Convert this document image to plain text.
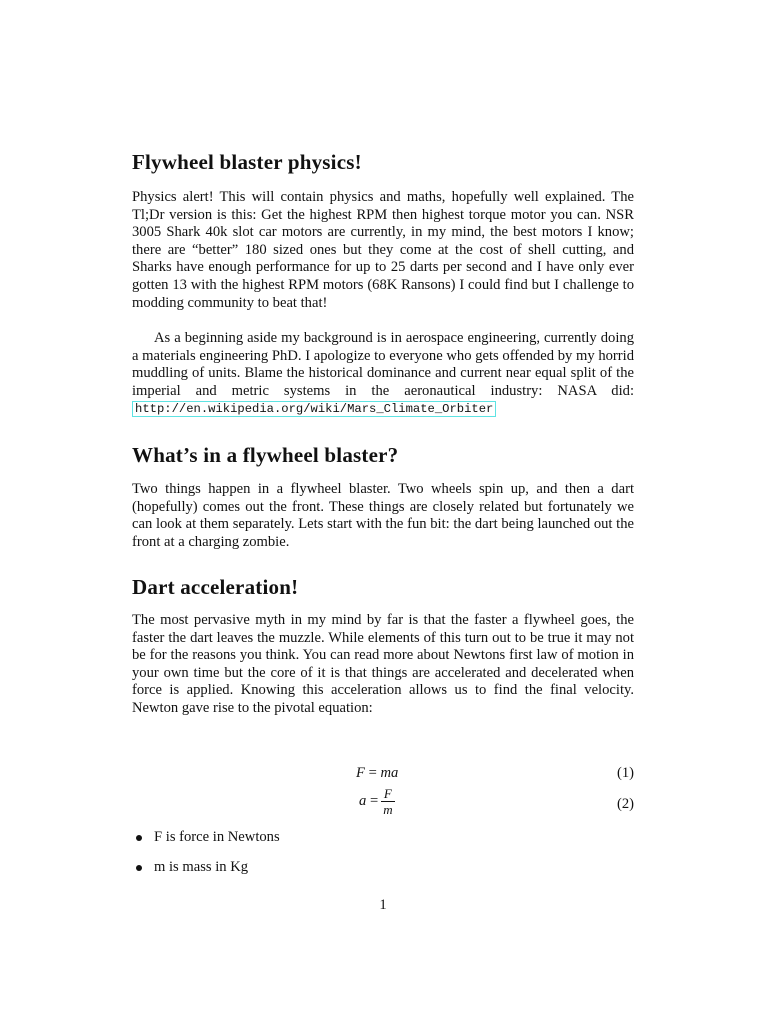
Flywheel blaster physics!

Physics alert! This will contain physics and maths, hopefully well explained. The Tl;Dr version is this: Get the highest RPM then highest torque motor you can. NSR 3005 Shark 40k slot car motors are currently, in my mind, the best motors I know; there are “better” 180 sized ones but they come at the cost of shell cutting, and Sharks have enough performance for up to 25 darts per second and I have only ever gotten 13 with the highest RPM motors (68K Ransons) I could find but I challenge to modding community to beat that!

As a beginning aside my background is in aerospace engineering, currently doing a materials engineering PhD. I apologize to everyone who gets offended by my horrid muddling of units. Blame the historical dominance and current near equal split of the imperial and metric systems in the aeronautical industry: NASA did: http://en.wikipedia.org/wiki/Mars_Climate_Orbiter

What’s in a flywheel blaster?

Two things happen in a flywheel blaster. Two wheels spin up, and then a dart (hopefully) comes out the front. These things are closely related but fortunately we can look at them separately. Lets start with the fun bit: the dart being launched out the front at a charging zombie.

Dart acceleration!

The most pervasive myth in my mind by far is that the faster a flywheel goes, the faster the dart leaves the muzzle. While elements of this turn out to be true it may not be for the reasons you think. You can read more about Newtons first law of motion in your own time but the core of it is that things are accelerated and decelerated when force is applied. Knowing this acceleration allows us to find the final velocity. Newton gave rise to the pivotal equation:

F = ma	(1)
$a = \frac{F}{m}$	(2)
F is force in Newtons
m is mass in Kg
1
